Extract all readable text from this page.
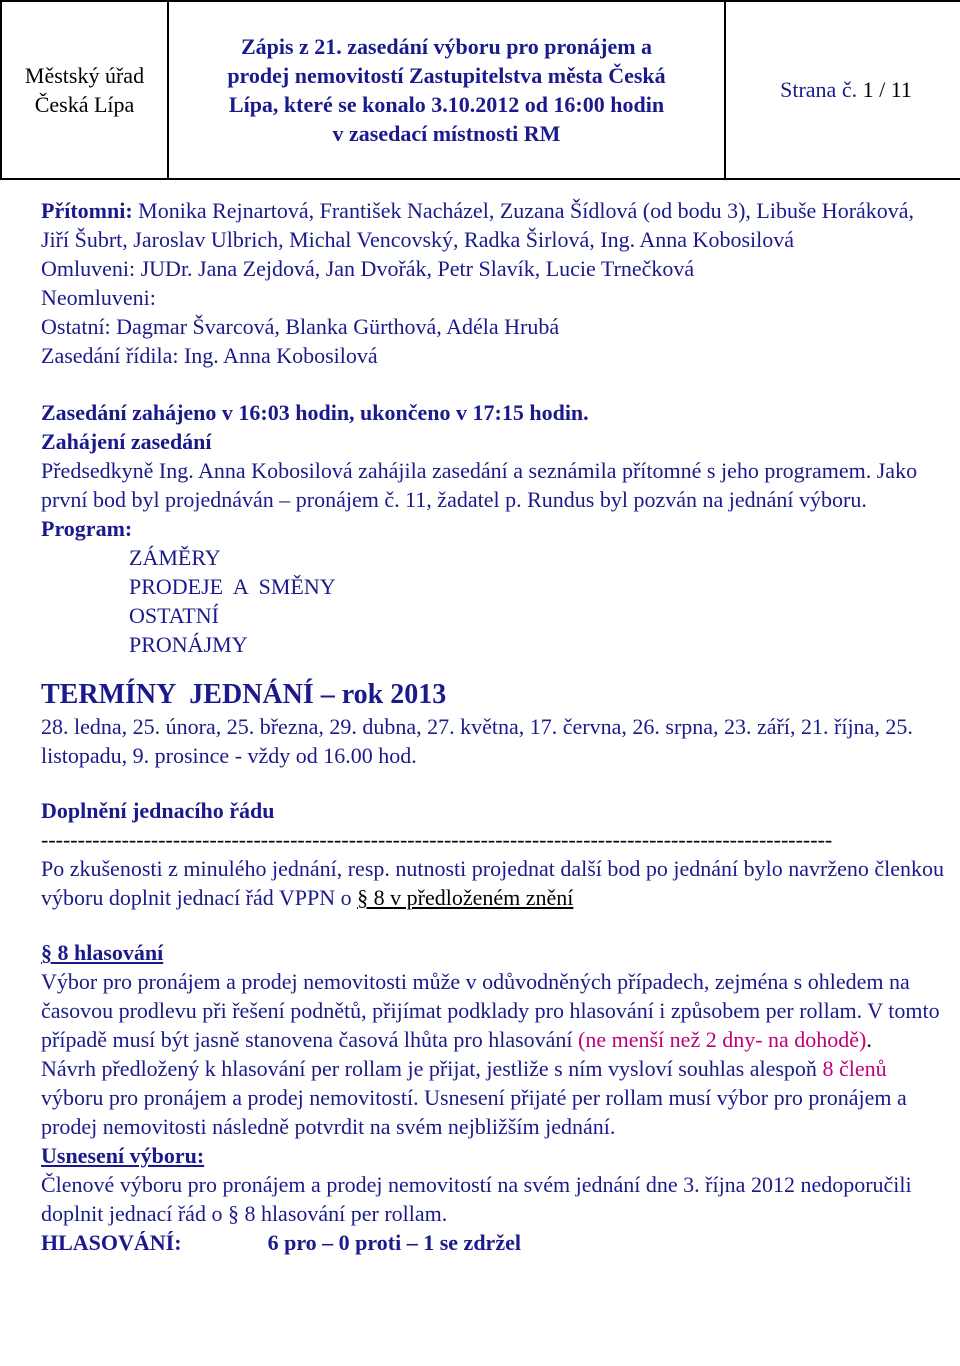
Městský úřad
Česká Lípa

Zápis z 21. zasedání výboru pro pronájem a
prodej nemovitostí Zastupitelstva města Česká
Lípa, které se konalo 3.10.2012 od 16:00 hodin
v zasedací místnosti RM
	Strana č. 1 / 11

Přítomni: Monika Rejnartová, František Nacházel, Zuzana Šídlová (od bodu 3), Libuše Horáková, Jiří Šubrt, Jaroslav Ulbrich, Michal Vencovský, Radka Širlová, Ing. Anna Kobosilová

Omluveni: JUDr. Jana Zejdová, Jan Dvořák, Petr Slavík, Lucie Trnečková

Neomluveni:

Ostatní: Dagmar Švarcová, Blanka Gürthová, Adéla Hrubá

Zasedání řídila: Ing. Anna Kobosilová

Zasedání zahájeno v 16:03 hodin, ukončeno v 17:15 hodin.

Zahájení zasedání

Předsedkyně Ing. Anna Kobosilová zahájila zasedání a seznámila přítomné s jeho programem. Jako první bod byl projednáván – pronájem č. 11, žadatel p. Rundus byl pozván na jednání výboru.

Program:

ZÁMĚRY

PRODEJE  A  SMĚNY

OSTATNÍ

PRONÁJMY

TERMÍNY  JEDNÁNÍ – rok 2013

28. ledna, 25. února, 25. března, 29. dubna, 27. května, 17. června, 26. srpna, 23. září, 21. října, 25. listopadu, 9. prosince - vždy od 16.00 hod.

Doplnění jednacího řádu

------------------------------------------------------------------------------------------------------------

Po zkušenosti z minulého jednání, resp. nutnosti projednat další bod po jednání bylo navrženo členkou výboru doplnit jednací řád VPPN o § 8 v předloženém znění

§ 8 hlasování

Výbor pro pronájem a prodej nemovitosti může v odůvodněných případech, zejména s ohledem na časovou prodlevu při řešení podnětů, přijímat podklady pro hlasování i způsobem per rollam. V tomto případě musí být jasně stanovena časová lhůta pro hlasování (ne menší než 2 dny- na dohodě).

Návrh předložený k hlasování per rollam je přijat, jestliže s ním vysloví souhlas alespoň 8 členů výboru pro pronájem a prodej nemovitostí. Usnesení přijaté per rollam musí výbor pro pronájem a prodej nemovitosti následně potvrdit na svém nejbližším jednání.

Usnesení výboru:

Členové výboru pro pronájem a prodej nemovitostí na svém jednání dne 3. října 2012 nedoporučili doplnit jednací řád o § 8 hlasování per rollam.

HLASOVÁNÍ:	6 pro – 0 proti – 1 se zdržel
